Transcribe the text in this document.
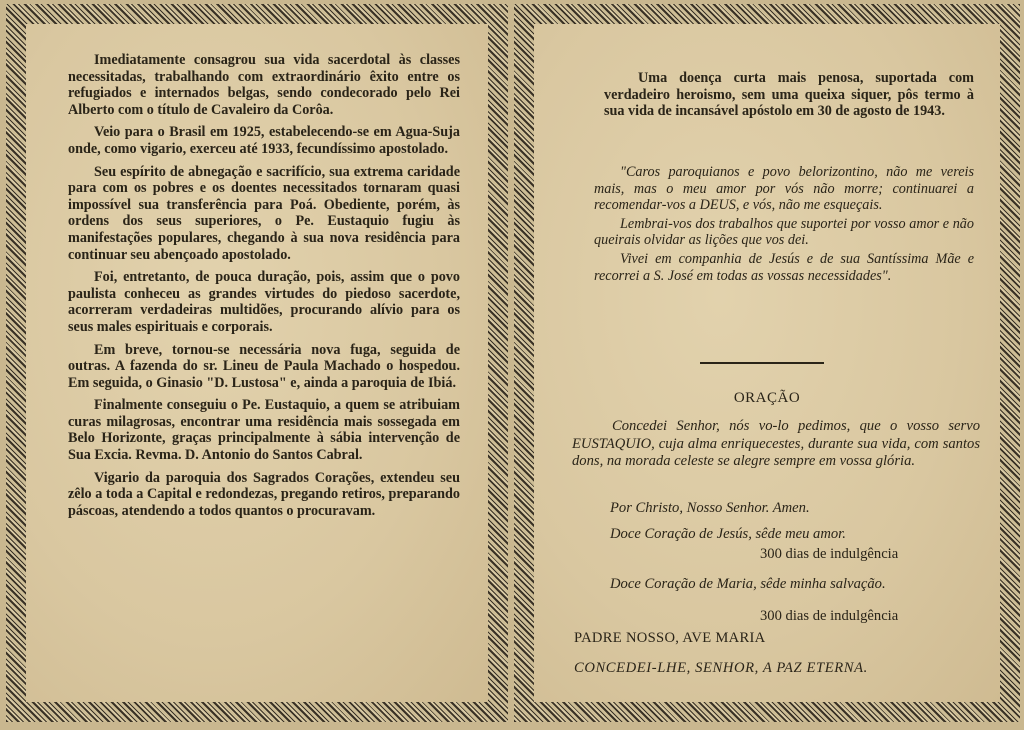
Imediatamente consagrou sua vida sacerdotal às classes necessitadas, trabalhando com extraordinário êxito entre os refugiados e internados belgas, sendo condecorado pelo Rei Alberto com o título de Cavaleiro da Corôa.

Veio para o Brasil em 1925, estabelecendo-se em Agua-Suja onde, como vigario, exerceu até 1933, fecundíssimo apostolado.

Seu espírito de abnegação e sacrifício, sua extrema caridade para com os pobres e os doentes necessitados tornaram quasi impossível sua transferência para Poá. Obediente, porém, às ordens dos seus superiores, o Pe. Eustaquio fugiu às manifestações populares, chegando à sua nova residência para continuar seu abençoado apostolado.

Foi, entretanto, de pouca duração, pois, assim que o povo paulista conheceu as grandes virtudes do piedoso sacerdote, acorreram verdadeiras multidões, procurando alívio para os seus males espirituais e corporais.

Em breve, tornou-se necessária nova fuga, seguida de outras. A fazenda do sr. Lineu de Paula Machado o hospedou. Em seguida, o Ginasio "D. Lustosa" e, ainda a paroquia de Ibiá.

Finalmente conseguiu o Pe. Eustaquio, a quem se atribuiam curas milagrosas, encontrar uma residência mais sossegada em Belo Horizonte, graças principalmente à sábia intervenção de Sua Excia. Revma. D. Antonio do Santos Cabral.

Vigario da paroquia dos Sagrados Corações, extendeu seu zêlo a toda a Capital e redondezas, pregando retiros, preparando páscoas, atendendo a todos quantos o procuravam.

Uma doença curta mais penosa, suportada com verdadeiro heroismo, sem uma queixa siquer, pôs termo à sua vida de incansável apóstolo em 30 de agosto de 1943.

"Caros paroquianos e povo belorizontino, não me vereis mais, mas o meu amor por vós não morre; continuarei a recomendar-vos a DEUS, e vós, não me esqueçais.

Lembrai-vos dos trabalhos que suportei por vosso amor e não queirais olvidar as lições que vos dei.

Vivei em companhia de Jesús e de sua Santíssima Mãe e recorrei a S. José em todas as vossas necessidades".

ORAÇÃO

Concedei Senhor, nós vo-lo pedimos, que o vosso servo EUSTAQUIO, cuja alma enriquecestes, durante sua vida, com santos dons, na morada celeste se alegre sempre em vossa glória.

Por Christo, Nosso Senhor. Amen.
Doce Coração de Jesús, sêde meu amor.
300 dias de indulgência
Doce Coração de Maria, sêde minha salvação.
300 dias de indulgência
PADRE NOSSO, AVE MARIA
CONCEDEI-LHE, SENHOR, A PAZ ETERNA.
